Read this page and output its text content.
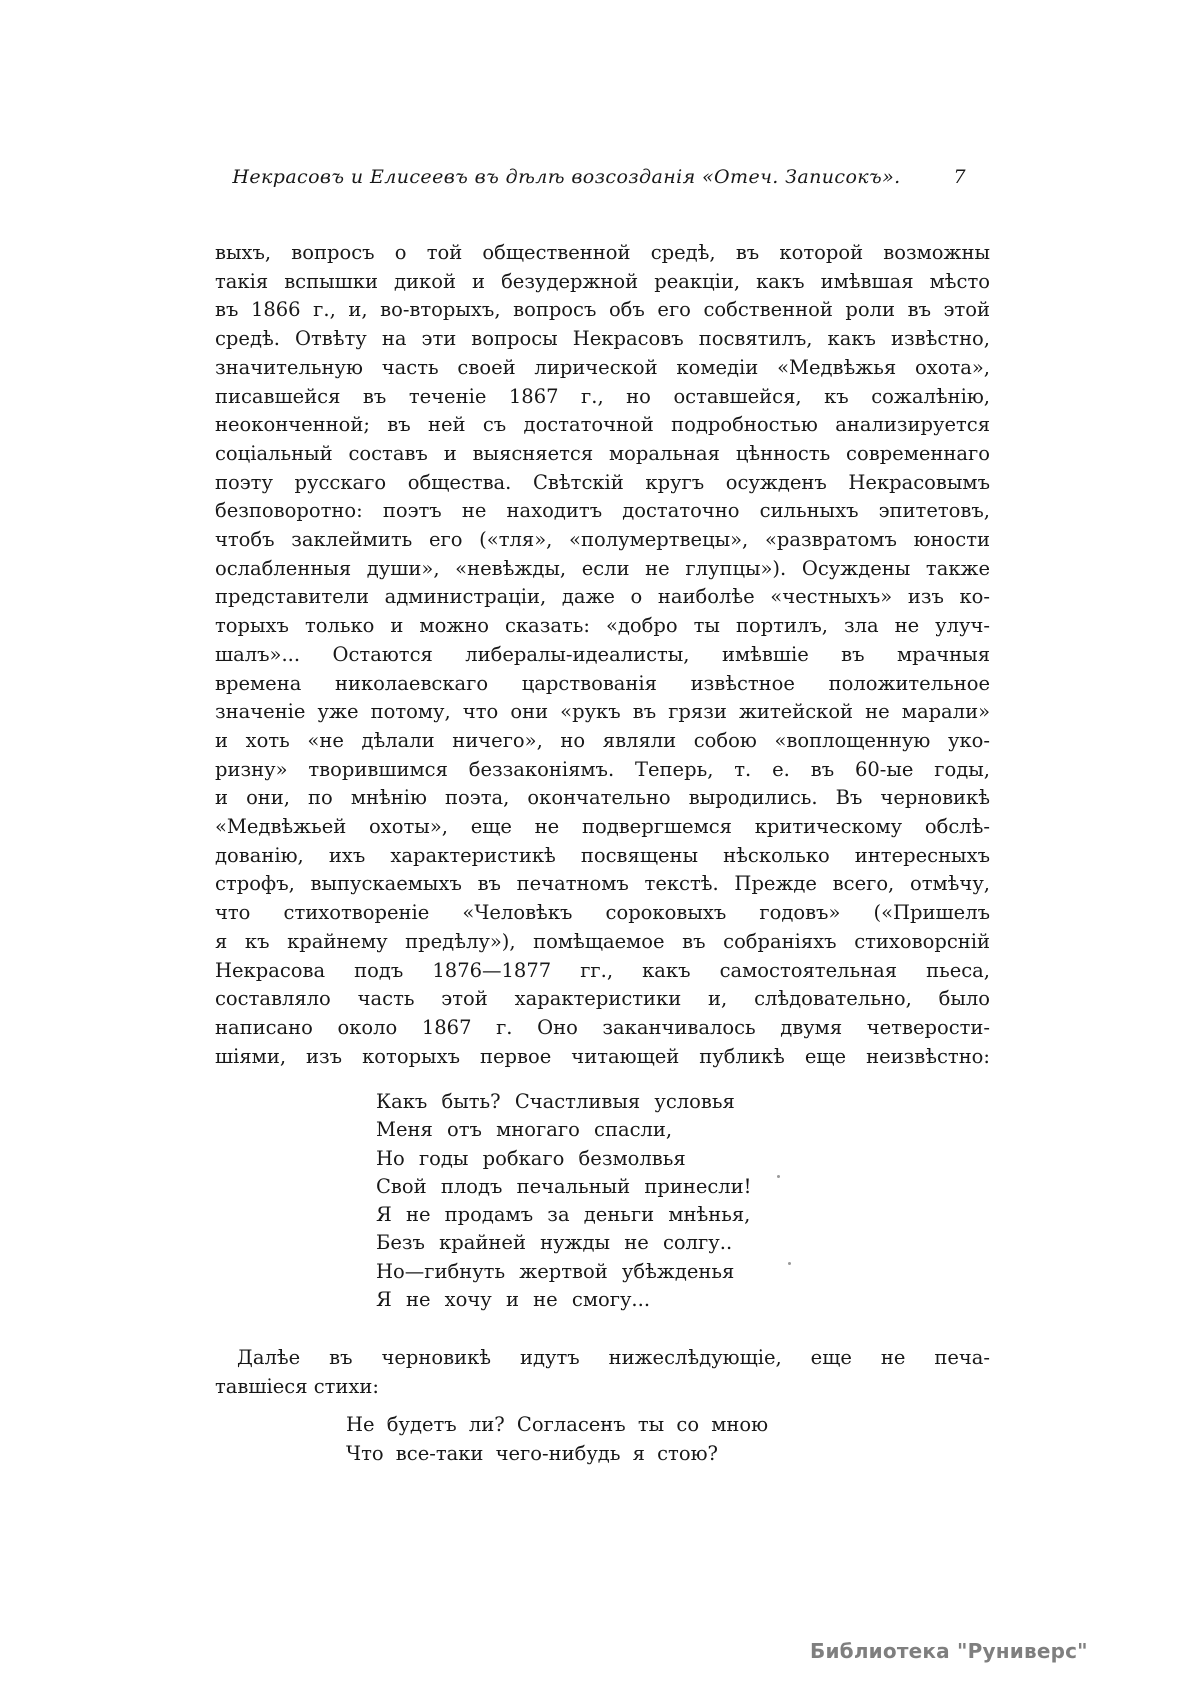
Некрасовъ и Елисеевъ въ дѣлѣ возсозданія «Отеч. Записокъ».	7
выхъ, вопросъ о той общественной средѣ, въ которой возможны
такія вспышки дикой и безудержной реакціи, какъ имѣвшая мѣсто
въ 1866 г., и, во-вторыхъ, вопросъ объ его собственной роли въ этой
средѣ. Отвѣту на эти вопросы Некрасовъ посвятилъ, какъ извѣстно,
значительную часть своей лирической комедіи «Медвѣжья охота»,
писавшейся въ теченіе 1867 г., но оставшейся, къ сожалѣнію,
неоконченной; въ ней съ достаточной подробностью анализируется
соціальный составъ и выясняется моральная цѣнность современнаго
поэту русскаго общества. Свѣтскій кругъ осужденъ Некрасовымъ
безповоротно: поэтъ не находитъ достаточно сильныхъ эпитетовъ,
чтобъ заклеймить его («тля», «полумертвецы», «развратомъ юности
ослабленныя души», «невѣжды, если не глупцы»). Осуждены также
представители администраціи, даже о наиболѣе «честныхъ» изъ ко-
торыхъ только и можно сказать: «добро ты портилъ, зла не улуч-
шалъ»... Остаются либералы-идеалисты, имѣвшіе въ мрачныя
времена николаевскаго царствованія извѣстное положительное
значеніе уже потому, что они «рукъ въ грязи житейской не марали»
и хоть «не дѣлали ничего», но являли собою «воплощенную уко-
ризну» творившимся беззаконіямъ. Теперь, т. е. въ 60-ые годы,
и они, по мнѣнію поэта, окончательно выродились. Въ черновикѣ
«Медвѣжьей охоты», еще не подвергшемся критическому обслѣ-
дованію, ихъ характеристикѣ посвящены нѣсколько интересныхъ
строфъ, выпускаемыхъ въ печатномъ текстѣ. Прежде всего, отмѣчу,
что стихотвореніе «Человѣкъ сороковыхъ годовъ» («Пришелъ
я къ крайнему предѣлу»), помѣщаемое въ собраніяхъ стиховорсній
Некрасова подъ 1876—1877 гг., какъ самостоятельная пьеса,
составляло часть этой характеристики и, слѣдовательно, было
написано около 1867 г. Оно заканчивалось двумя четверости-
шіями, изъ которыхъ первое читающей публикѣ еще неизвѣстно:
Какъ быть? Счастливыя условья
Меня отъ многаго спасли,
Но годы робкаго безмолвья
Свой плодъ печальный принесли!
Я не продамъ за деньги мнѣнья,
Безъ крайней нужды не солгу..
Но—гибнуть жертвой убѣжденья
Я не хочу и не смогу...
Далѣе въ черновикѣ идутъ нижеслѣдующіе, еще не печа-
тавшіеся стихи:
Не будетъ ли? Согласенъ ты со мною
Что все-таки чего-нибудь я стою?
Библиотека "Руниверс"
